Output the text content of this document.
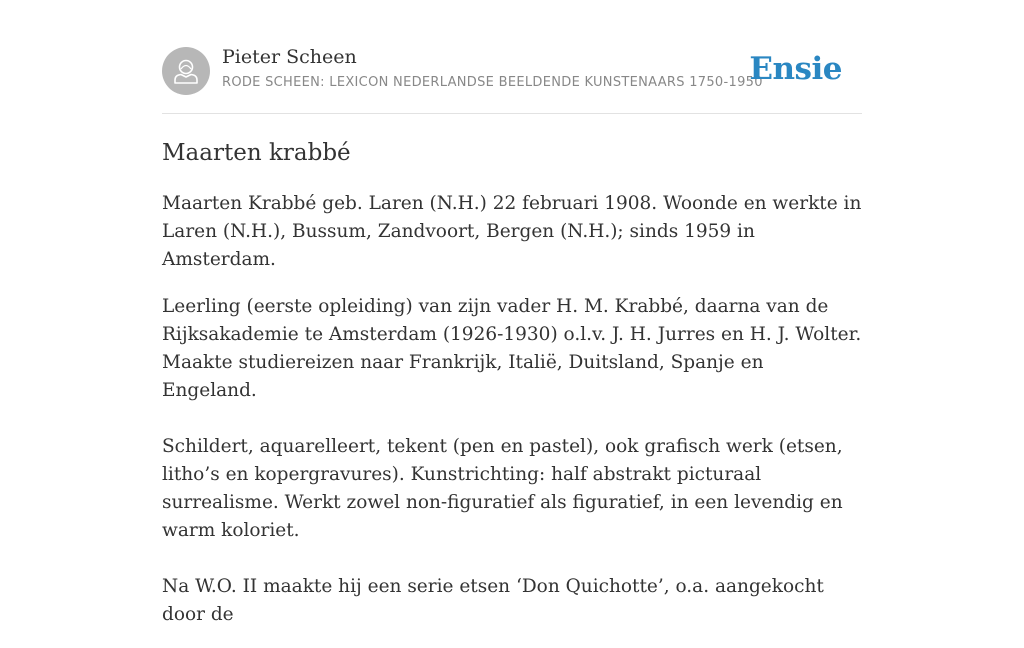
Pieter Scheen
RODE SCHEEN: LEXICON NEDERLANDSE BEELDENDE KUNSTENAARS 1750-1950
Ensie
Maarten krabbé

Maarten Krabbé geb. Laren (N.H.) 22 februari 1908. Woonde en werkte in Laren (N.H.), Bussum, Zandvoort, Bergen (N.H.); sinds 1959 in Amsterdam.

Leerling (eerste opleiding) van zijn vader H. M. Krabbé, daarna van de Rijksakademie te Amsterdam (1926-1930) o.l.v. J. H. Jurres en H. J. Wolter. Maakte studiereizen naar Frankrijk, Italië, Duitsland, Spanje en Engeland.

Schildert, aquarelleert, tekent (pen en pastel), ook grafisch werk (etsen, litho’s en kopergravures). Kunstrichting: half abstrakt picturaal surrealisme. Werkt zowel non-figuratief als figuratief, in een levendig en warm koloriet.

Na W.O. II maakte hij een serie etsen ‘Don Quichotte’, o.a. aangekocht door de
